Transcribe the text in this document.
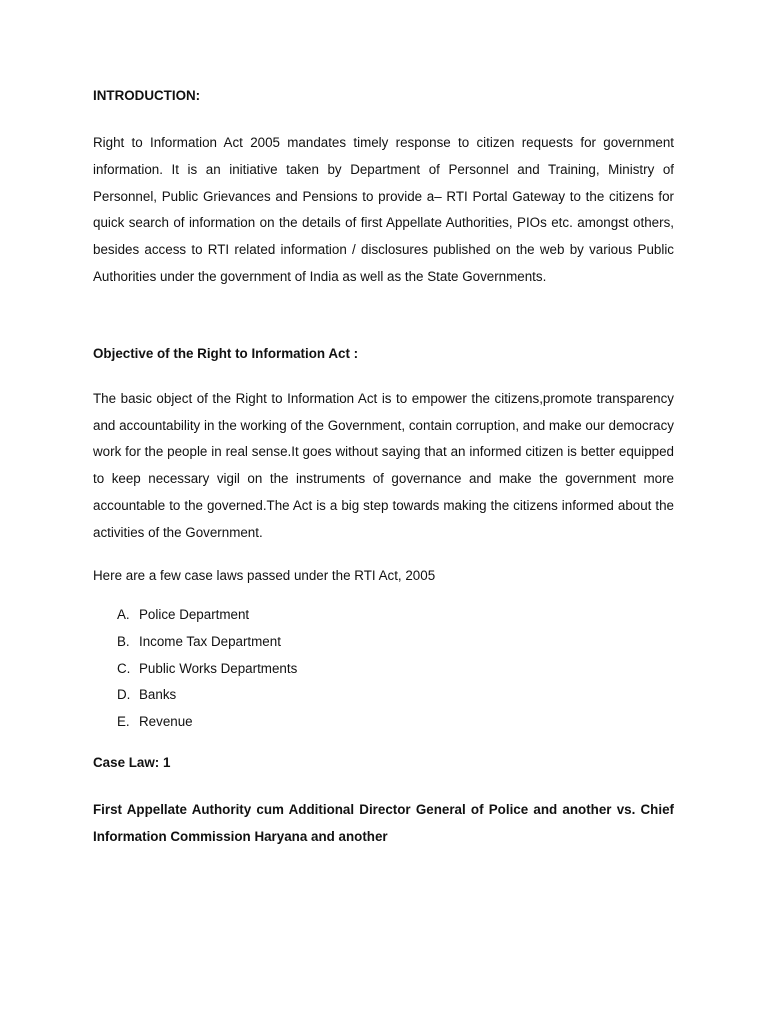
INTRODUCTION:

Right to Information Act 2005 mandates timely response to citizen requests for government information. It is an initiative taken by Department of Personnel and Training, Ministry of Personnel, Public Grievances and Pensions to provide a– RTI Portal Gateway to the citizens for quick search of information on the details of first Appellate Authorities, PIOs etc. amongst others, besides access to RTI related information / disclosures published on the web by various Public Authorities under the government of India as well as the State Governments.

Objective of the Right to Information Act :

The basic object of the Right to Information Act is to empower the citizens,promote transparency and accountability in the working of the Government, contain corruption, and make our democracy work for the people in real sense.It goes without saying that an informed citizen is better equipped to keep necessary vigil on the instruments of governance and make the government more accountable to the governed.The Act is a big step towards making the citizens informed about the activities of the Government.

Here are a few case laws passed under the RTI Act, 2005

A. Police Department
B. Income Tax Department
C. Public Works Departments
D. Banks
E. Revenue

Case Law: 1

First Appellate Authority cum Additional Director General of Police and another vs. Chief Information Commission Haryana and another
